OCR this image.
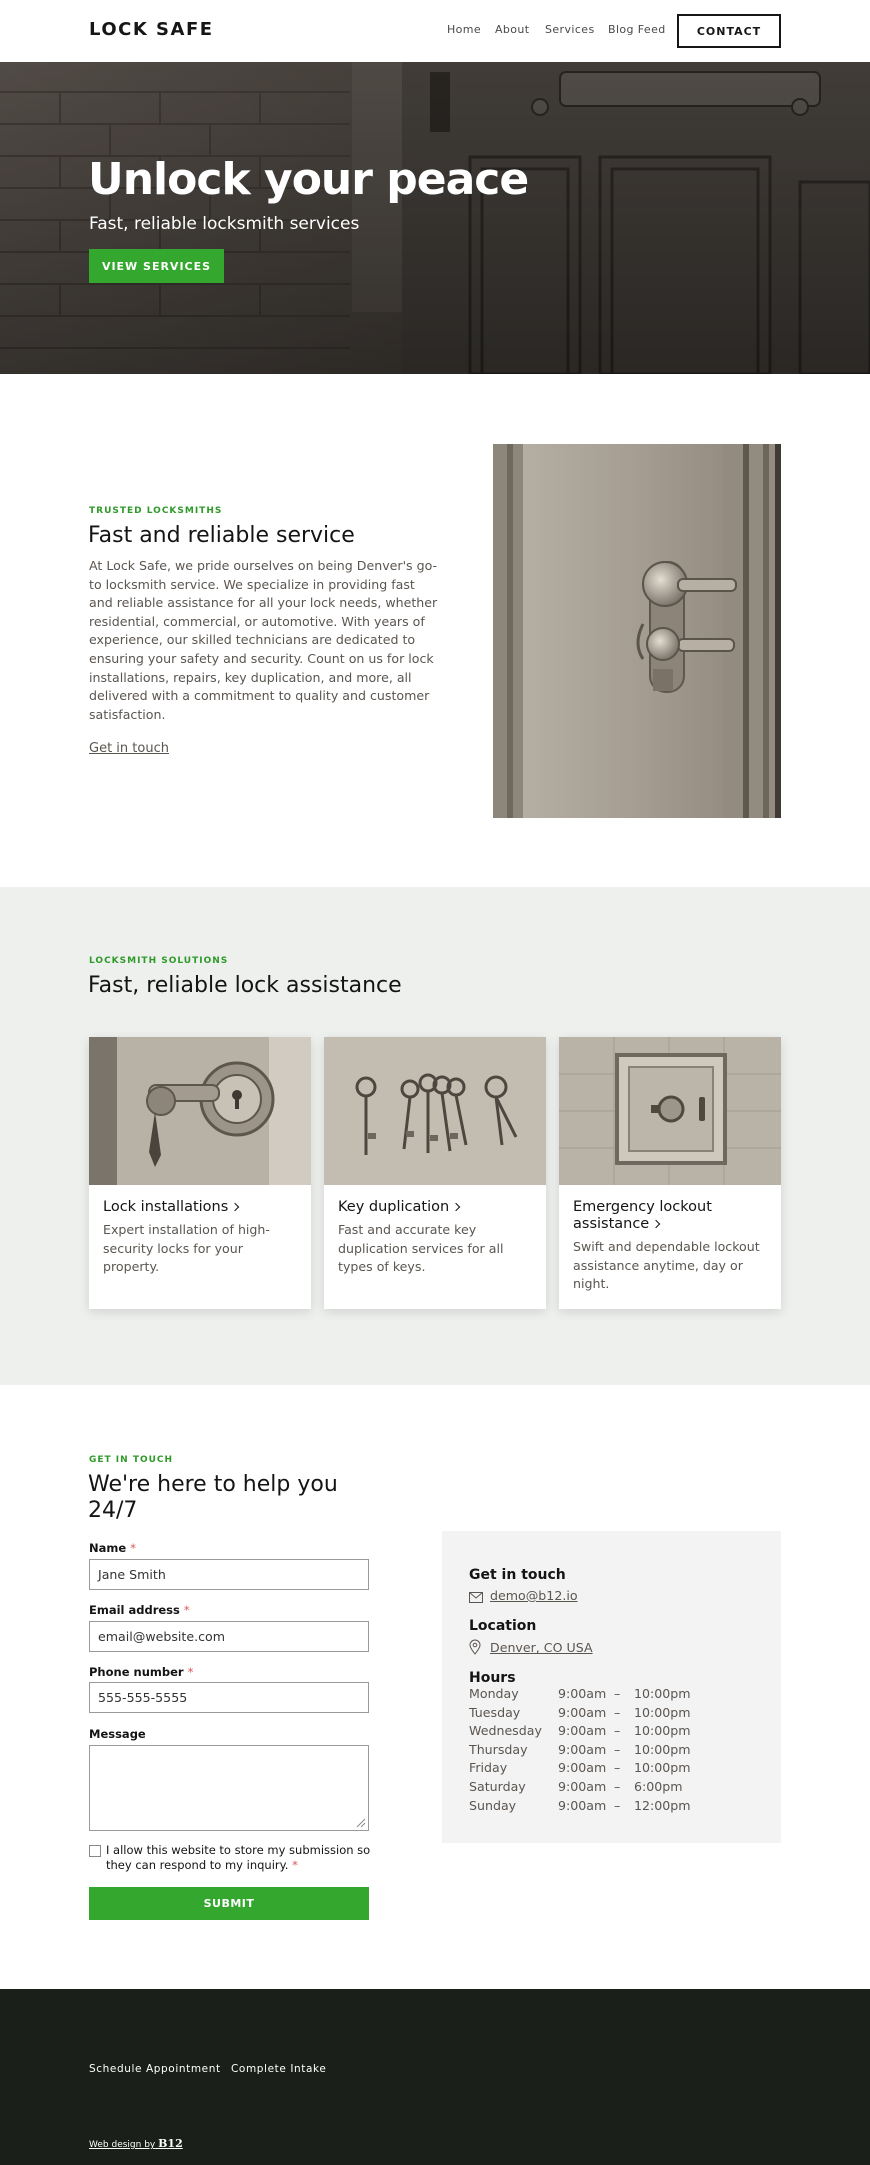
LOCK SAFE	Home About Services Blog Feed	CONTACT
Unlock your peace
Fast, reliable locksmith services
VIEW SERVICES
TRUSTED LOCKSMITHS
Fast and reliable service
At Lock Safe, we pride ourselves on being Denver's go-to locksmith service. We specialize in providing fast and reliable assistance for all your lock needs, whether residential, commercial, or automotive. With years of experience, our skilled technicians are dedicated to ensuring your safety and security. Count on us for lock installations, repairs, key duplication, and more, all delivered with a commitment to quality and customer satisfaction.
Get in touch
LOCKSMITH SOLUTIONS
Fast, reliable lock assistance
Lock installations
Expert installation of high-security locks for your property.
Key duplication
Fast and accurate key duplication services for all types of keys.
Emergency lockout assistance
Swift and dependable lockout assistance anytime, day or night.
GET IN TOUCH
We're here to help you 24/7
Name *
Jane Smith
Email address *
email@website.com
Phone number *
555-555-5555
Message
I allow this website to store my submission so they can respond to my inquiry. *
SUBMIT
Get in touch
demo@b12.io
Location
Denver, CO USA
Hours
Monday	9:00am –	10:00pm
Tuesday	9:00am –	10:00pm
Wednesday	9:00am –	10:00pm
Thursday	9:00am –	10:00pm
Friday	9:00am –	10:00pm
Saturday	9:00am –	6:00pm
Sunday	9:00am –	12:00pm
Schedule Appointment Complete Intake
Web design by B12
